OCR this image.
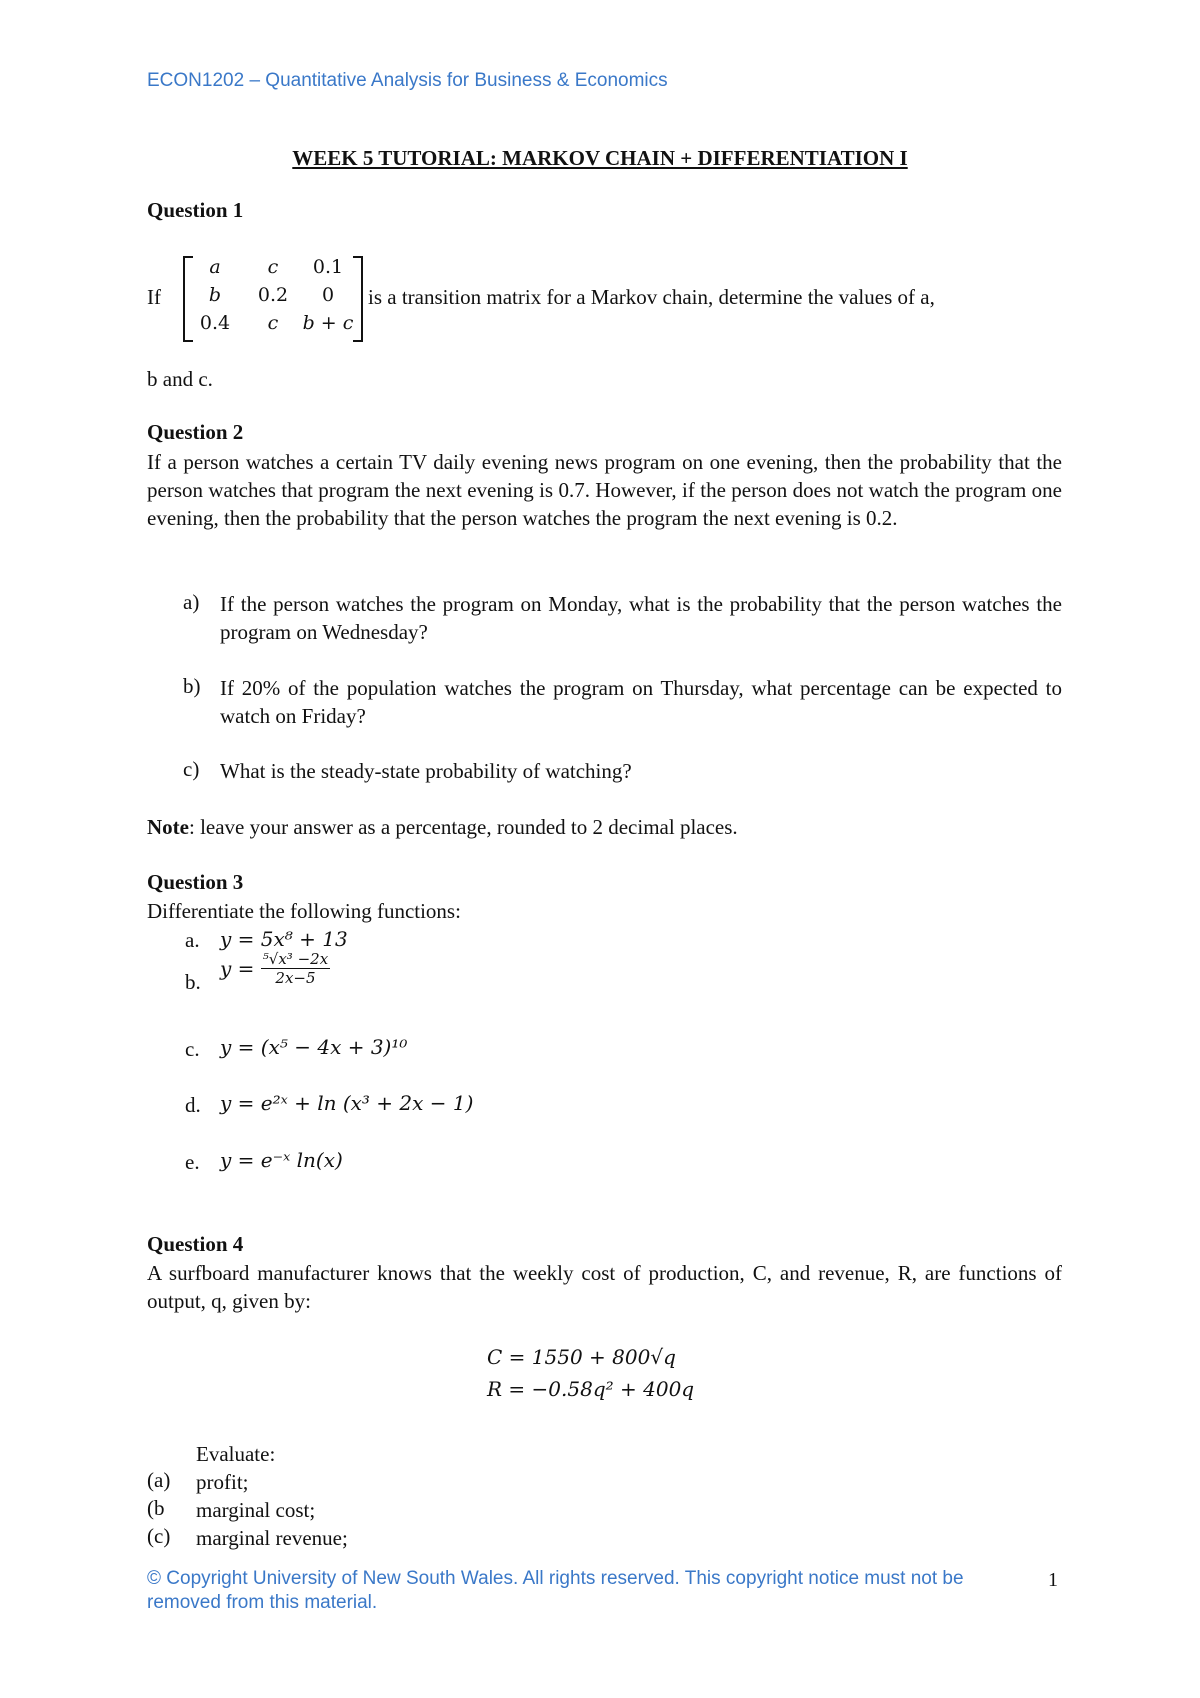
ECON1202 – Quantitative Analysis for Business & Economics
WEEK 5 TUTORIAL: MARKOV CHAIN + DIFFERENTIATION I
Question 1
If
a	c	0.1
b	0.2	0
0.4	c	b + c
is a transition matrix for a Markov chain, determine the values of a,
b and c.
Question 2
If a person watches a certain TV daily evening news program on one evening, then the probability that the person watches that program the next evening is 0.7. However, if the person does not watch the program one evening, then the probability that the person watches the program the next evening is 0.2.
a) If the person watches the program on Monday, what is the probability that the person watches the program on Wednesday?
b) If 20% of the population watches the program on Thursday, what percentage can be expected to watch on Friday?
c) What is the steady-state probability of watching?
Note: leave your answer as a percentage, rounded to 2 decimal places.
Question 3
Differentiate the following functions:
a. y = 5x⁸ + 13
b.
$y = \frac{\text{⁵√x³ −2x}}{2x-5}$
c. y = (x⁵ − 4x + 3)¹⁰
d. y = e²ˣ + ln (x³ + 2x − 1)
e. y = e⁻ˣ ln(x)
Question 4
A surfboard manufacturer knows that the weekly cost of production, C, and revenue, R, are functions of output, q, given by:
C = 1550 + 800√q
R = −0.58q² + 400q
Evaluate:
(a) profit;
(b marginal cost;
(c) marginal revenue;
© Copyright University of New South Wales. All rights reserved. This copyright notice must not be removed from this material.
1
